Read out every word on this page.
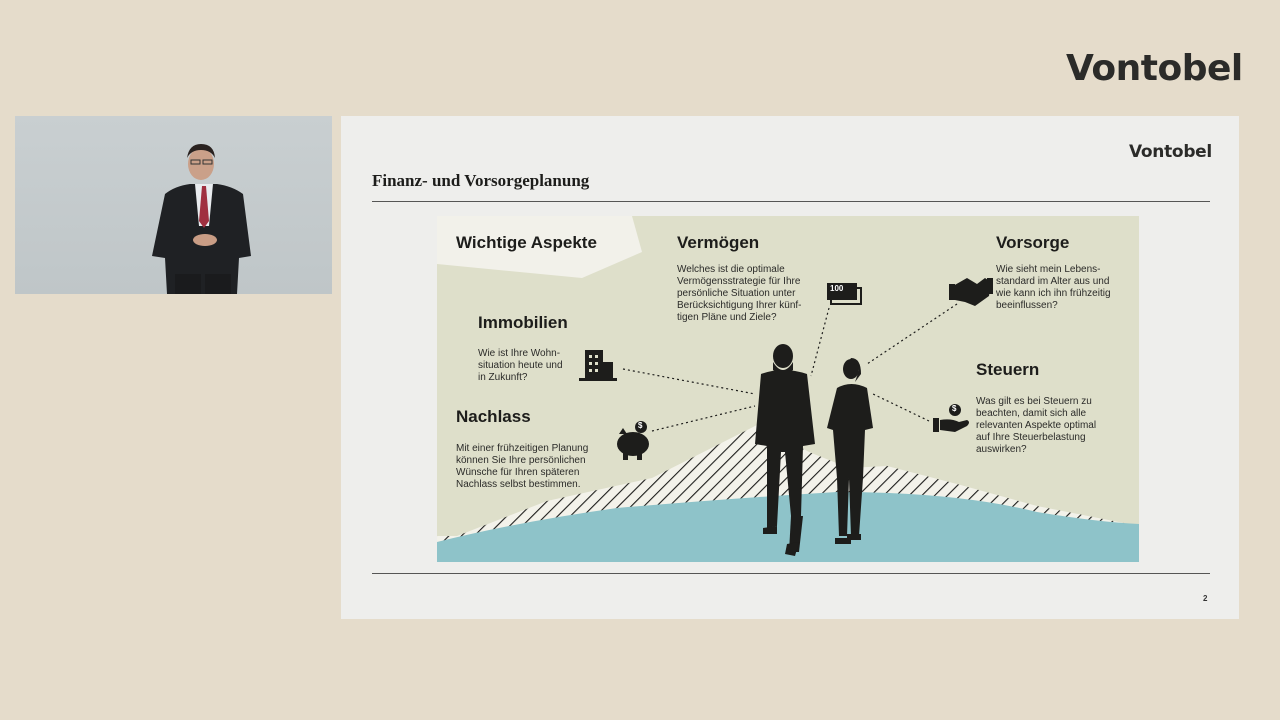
Vontobel
Vontobel
Finanz- und Vorsorgeplanung
100
$
$
Wichtige Aspekte	Vermögen
Welches ist die optimale
Vermögensstrategie für Ihre
persönliche Situation unter
Berücksichtigung Ihrer künf-
tigen Pläne und Ziele?
Vorsorge
Wie sieht mein Lebens-
standard im Alter aus und
wie kann ich ihn frühzeitig
beeinflussen?
Immobilien
Wie ist Ihre Wohn-
situation heute und
in Zukunft?	Steuern
Was gilt es bei Steuern zu
beachten, damit sich alle
relevanten Aspekte optimal
auf Ihre Steuerbelastung
auswirken?
Nachlass
Mit einer frühzeitigen Planung
können Sie Ihre persönlichen
Wünsche für Ihren späteren
Nachlass selbst bestimmen.
2
